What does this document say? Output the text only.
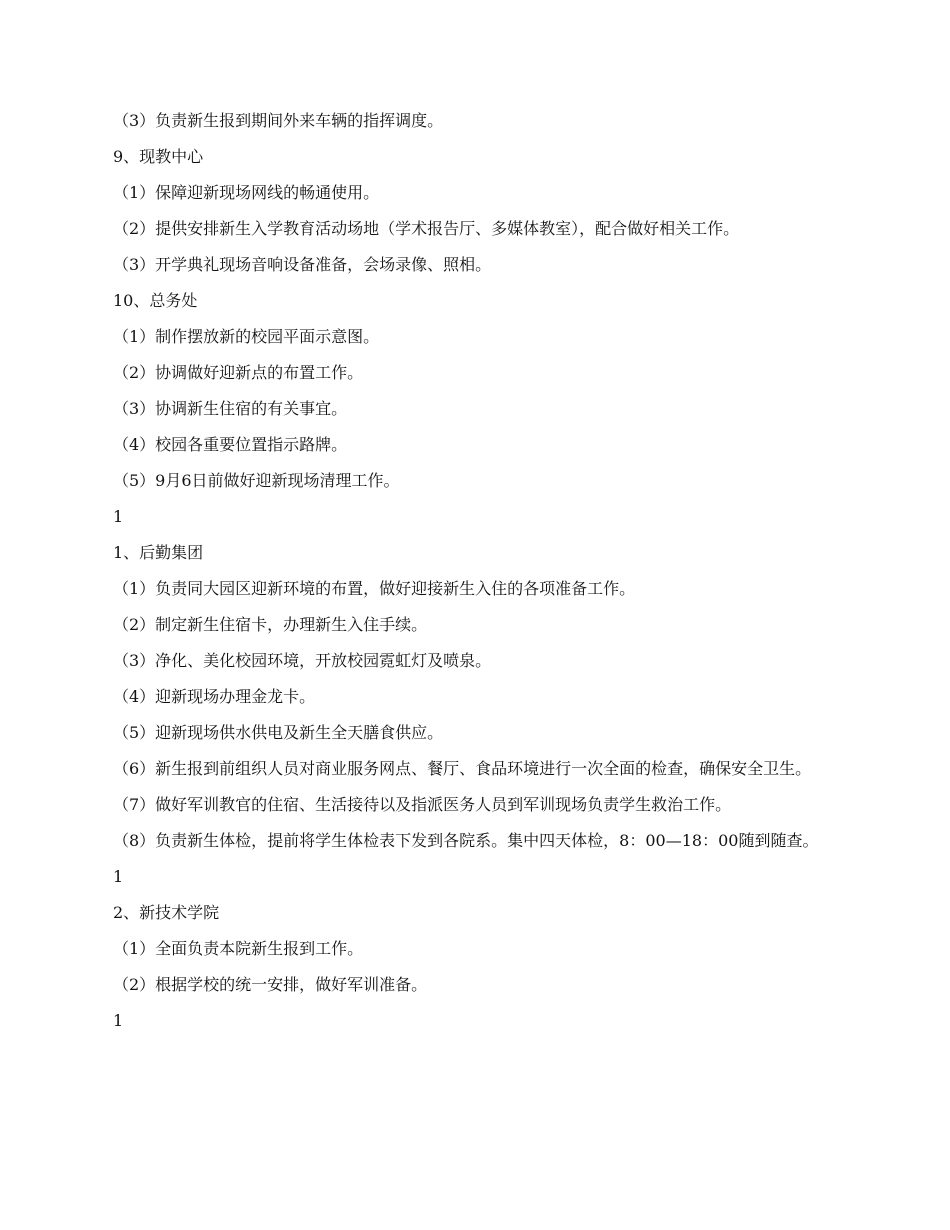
（3）负责新生报到期间外来车辆的指挥调度。

9、现教中心

（1）保障迎新现场网线的畅通使用。

（2）提供安排新生入学教育活动场地（学术报告厅、多媒体教室），配合做好相关工作。

（3）开学典礼现场音响设备准备，会场录像、照相。

10、总务处

（1）制作摆放新的校园平面示意图。

（2）协调做好迎新点的布置工作。

（3）协调新生住宿的有关事宜。

（4）校园各重要位置指示路牌。

（5）9月6日前做好迎新现场清理工作。

1

1、后勤集团

（1）负责同大园区迎新环境的布置，做好迎接新生入住的各项准备工作。

（2）制定新生住宿卡，办理新生入住手续。

（3）净化、美化校园环境，开放校园霓虹灯及喷泉。

（4）迎新现场办理金龙卡。

（5）迎新现场供水供电及新生全天膳食供应。

（6）新生报到前组织人员对商业服务网点、餐厅、食品环境进行一次全面的检查，确保安全卫生。

（7）做好军训教官的住宿、生活接待以及指派医务人员到军训现场负责学生救治工作。

（8）负责新生体检，提前将学生体检表下发到各院系。集中四天体检，8：00—18：00随到随查。

1

2、新技术学院

（1）全面负责本院新生报到工作。

（2）根据学校的统一安排，做好军训准备。

1
